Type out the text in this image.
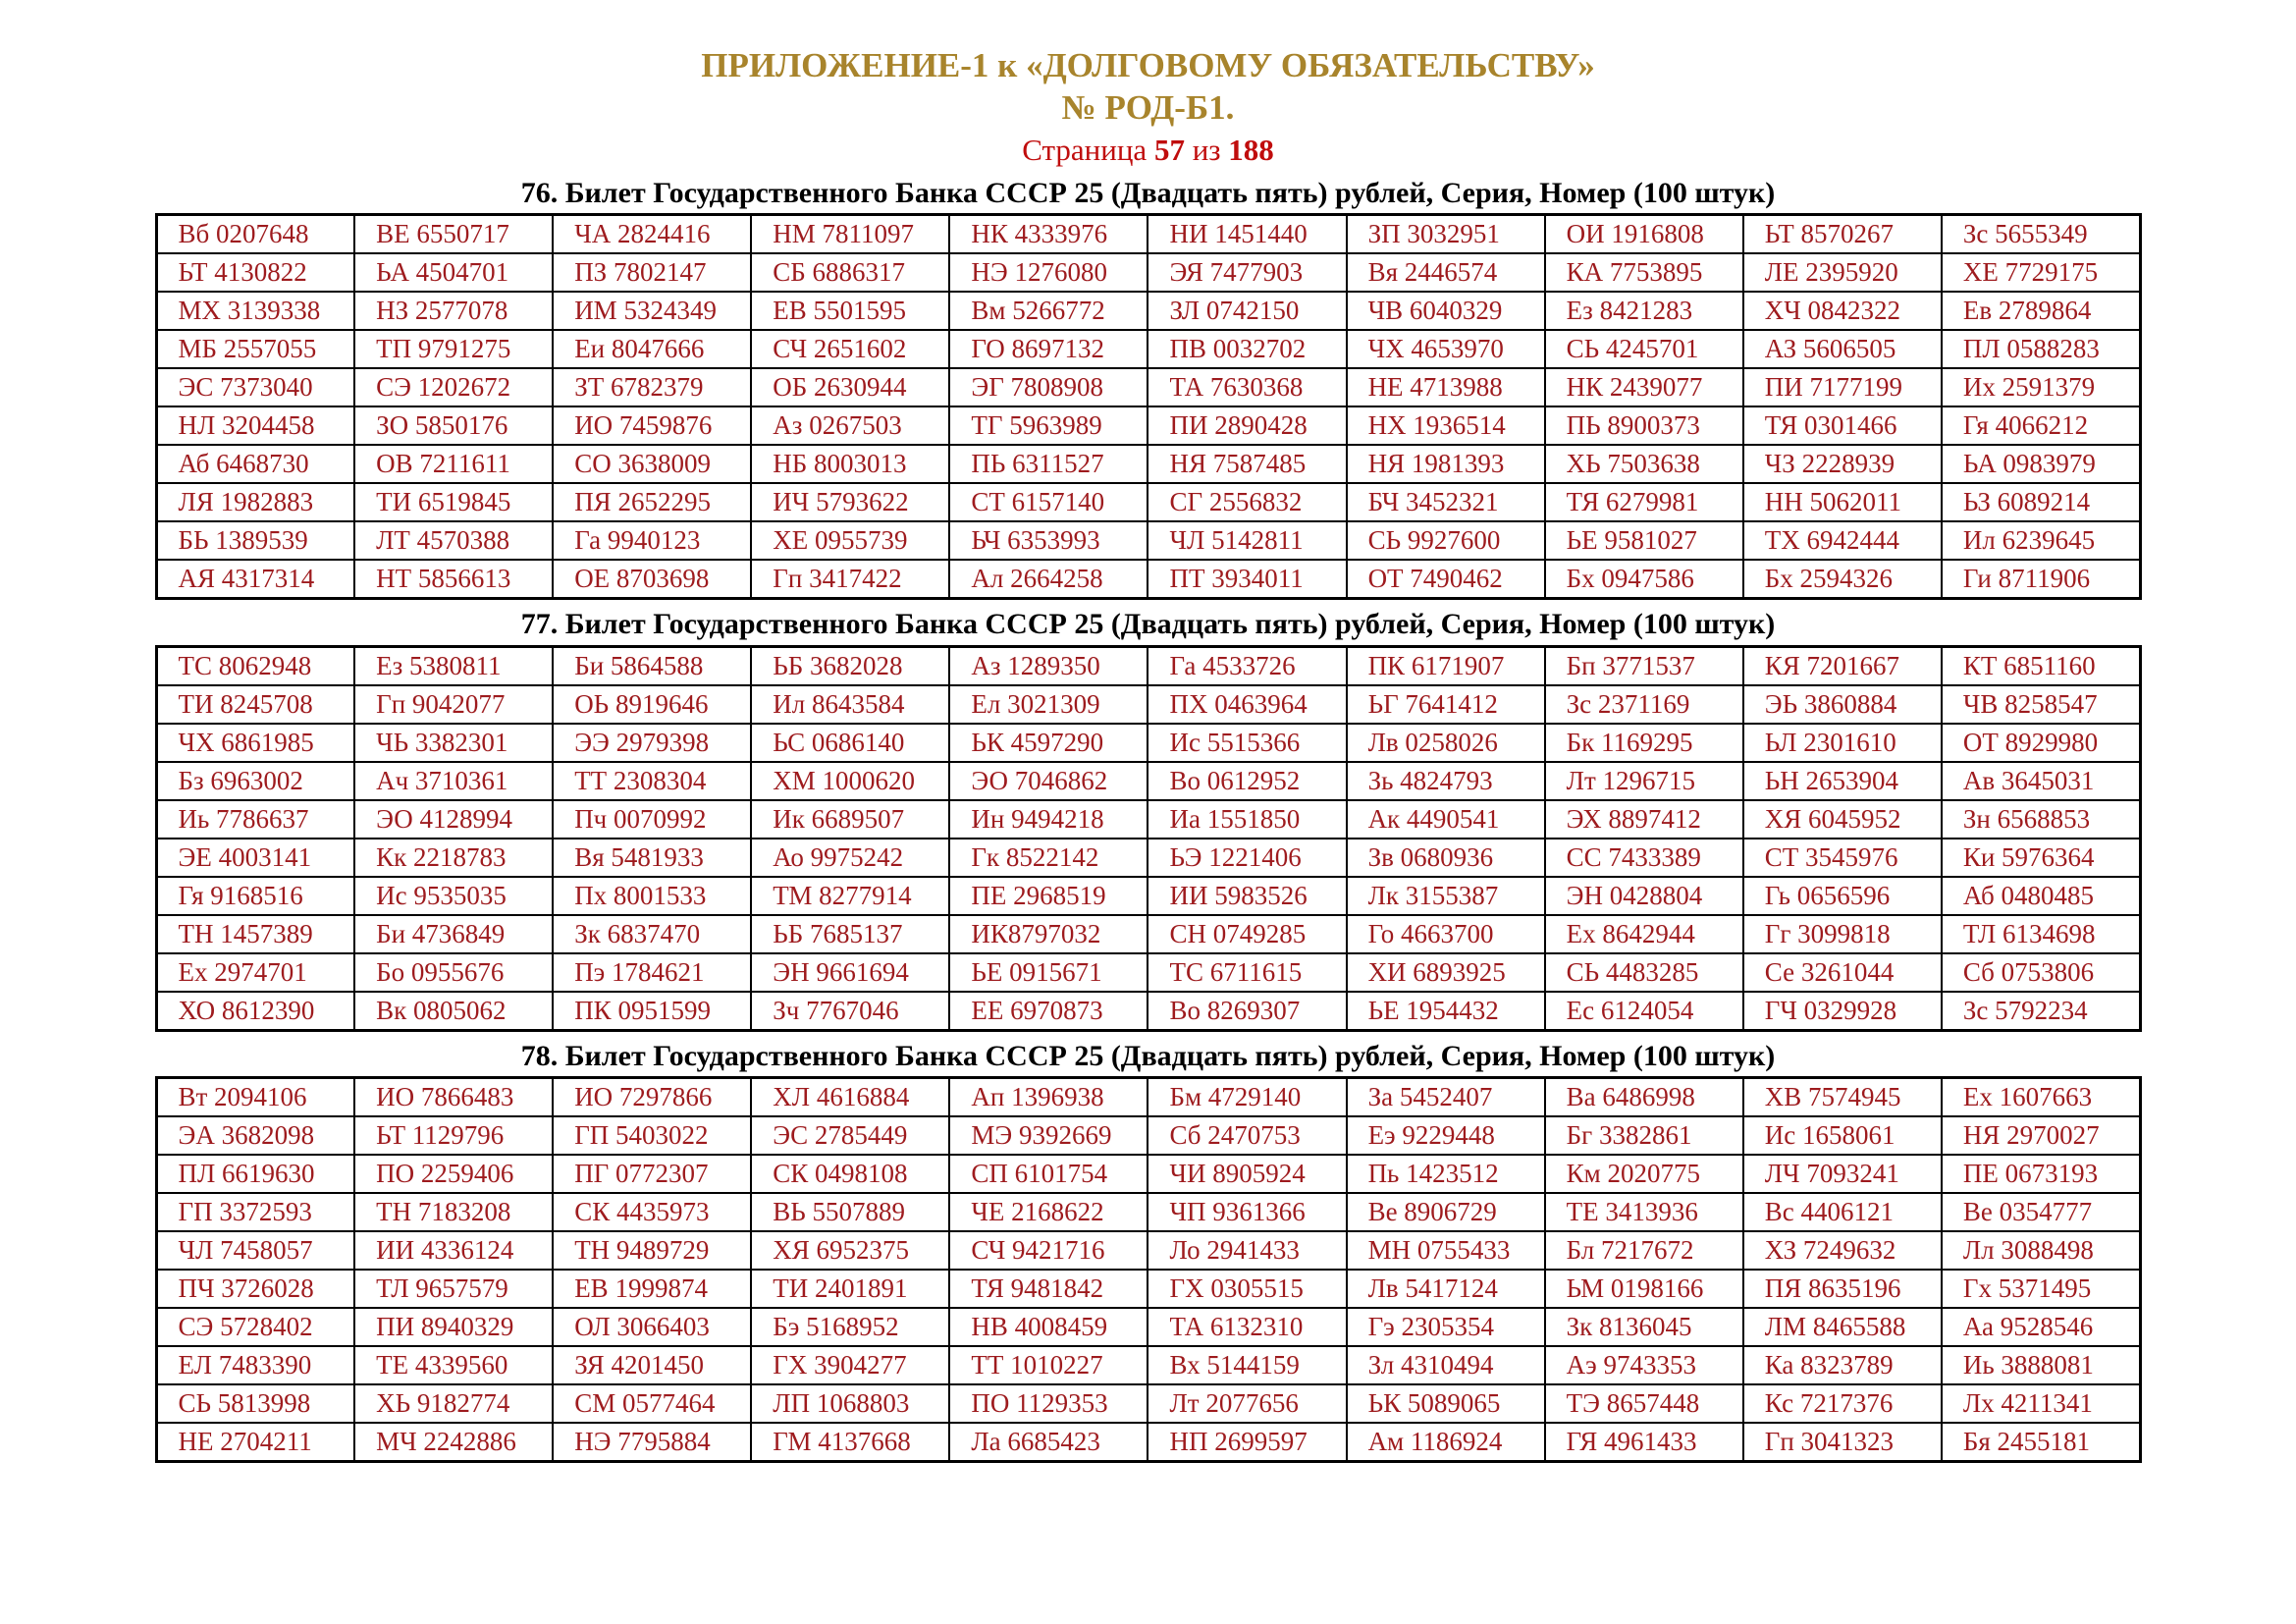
ПРИЛОЖЕНИЕ-1 к «ДОЛГОВОМУ ОБЯЗАТЕЛЬСТВУ»
№ РОД-Б1.
Страница 57 из 188
76. Билет Государственного Банка СССР 25 (Двадцать пять) рублей, Серия, Номер (100 штук)
Вб 0207648	ВЕ 6550717	ЧА 2824416	НМ 7811097	НК 4333976	НИ 1451440	ЗП 3032951	ОИ 1916808	ЬТ 8570267	Зс 5655349
ЬТ 4130822	ЬА 4504701	ПЗ 7802147	СБ 6886317	НЭ 1276080	ЭЯ 7477903	Вя 2446574	КА 7753895	ЛЕ 2395920	ХЕ 7729175
МХ 3139338	НЗ 2577078	ИМ 5324349	ЕВ 5501595	Вм 5266772	ЗЛ 0742150	ЧВ 6040329	Ез 8421283	ХЧ 0842322	Ев 2789864
МБ 2557055	ТП 9791275	Еи 8047666	СЧ 2651602	ГО 8697132	ПВ 0032702	ЧХ 4653970	СЬ 4245701	АЗ 5606505	ПЛ 0588283
ЭС 7373040	СЭ 1202672	ЗТ 6782379	ОБ 2630944	ЭГ 7808908	ТА 7630368	НЕ 4713988	НК 2439077	ПИ 7177199	Их 2591379
НЛ 3204458	ЗО 5850176	ИО 7459876	Аз 0267503	ТГ 5963989	ПИ 2890428	НХ 1936514	ПЬ 8900373	ТЯ 0301466	Гя 4066212
Аб 6468730	ОВ 7211611	СО 3638009	НБ 8003013	ПЬ 6311527	НЯ 7587485	НЯ 1981393	ХЬ 7503638	ЧЗ 2228939	ЬА 0983979
ЛЯ 1982883	ТИ 6519845	ПЯ 2652295	ИЧ 5793622	СТ 6157140	СГ 2556832	БЧ 3452321	ТЯ 6279981	НН 5062011	ЬЗ 6089214
БЬ 1389539	ЛТ 4570388	Га 9940123	ХЕ 0955739	ЬЧ 6353993	ЧЛ 5142811	СЬ 9927600	ЬЕ 9581027	ТХ 6942444	Ил 6239645
АЯ 4317314	НТ 5856613	ОЕ 8703698	Гп 3417422	Ал 2664258	ПТ 3934011	ОТ 7490462	Бх 0947586	Бх 2594326	Ги 8711906
77. Билет Государственного Банка СССР 25 (Двадцать пять) рублей, Серия, Номер (100 штук)
ТС 8062948	Ез 5380811	Би 5864588	ЬБ 3682028	Аз 1289350	Га 4533726	ПК 6171907	Бп 3771537	КЯ 7201667	КТ 6851160
ТИ 8245708	Гп 9042077	ОЬ 8919646	Ил 8643584	Ел 3021309	ПХ 0463964	ЬГ 7641412	Зс 2371169	ЭЬ 3860884	ЧВ 8258547
ЧХ 6861985	ЧЬ 3382301	ЭЭ 2979398	ЬС 0686140	ЬК 4597290	Ис 5515366	Лв 0258026	Бк 1169295	ЬЛ 2301610	ОТ 8929980
Бз 6963002	Ач 3710361	ТТ 2308304	ХМ 1000620	ЭО 7046862	Во 0612952	Зь 4824793	Лт 1296715	ЬН 2653904	Ав 3645031
Иь 7786637	ЭО 4128994	Пч 0070992	Ик 6689507	Ин 9494218	Иа 1551850	Ак 4490541	ЭХ 8897412	ХЯ 6045952	Зн 6568853
ЭЕ 4003141	Кк 2218783	Вя 5481933	Ао 9975242	Гк 8522142	ЬЭ 1221406	Зв 0680936	СС 7433389	СТ 3545976	Ки 5976364
Гя 9168516	Ис 9535035	Пх 8001533	ТМ 8277914	ПЕ 2968519	ИИ 5983526	Лк 3155387	ЭН 0428804	Гь 0656596	Аб 0480485
ТН 1457389	Би 4736849	Зк 6837470	ЬБ 7685137	ИК8797032	СН 0749285	Го 4663700	Ех 8642944	Гг 3099818	ТЛ 6134698
Ех 2974701	Бо 0955676	Пэ 1784621	ЭН 9661694	ЬЕ 0915671	ТС 6711615	ХИ 6893925	СЬ 4483285	Се 3261044	Сб 0753806
ХО 8612390	Вк 0805062	ПК 0951599	Зч 7767046	ЕЕ 6970873	Во 8269307	ЬЕ 1954432	Ес 6124054	ГЧ 0329928	Зс 5792234
78. Билет Государственного Банка СССР 25 (Двадцать пять) рублей, Серия, Номер (100 штук)
Вт 2094106	ИО 7866483	ИО 7297866	ХЛ 4616884	Ап 1396938	Бм 4729140	За 5452407	Ва 6486998	ХВ 7574945	Ех 1607663
ЭА 3682098	ЬТ 1129796	ГП 5403022	ЭС 2785449	МЭ 9392669	Сб 2470753	Еэ 9229448	Бг 3382861	Ис 1658061	НЯ 2970027
ПЛ 6619630	ПО 2259406	ПГ 0772307	СК 0498108	СП 6101754	ЧИ 8905924	Пь 1423512	Км 2020775	ЛЧ 7093241	ПЕ 0673193
ГП 3372593	ТН 7183208	СК 4435973	ВЬ 5507889	ЧЕ 2168622	ЧП 9361366	Ве 8906729	ТЕ 3413936	Вс 4406121	Ве 0354777
ЧЛ 7458057	ИИ 4336124	ТН 9489729	ХЯ 6952375	СЧ 9421716	Ло 2941433	МН 0755433	Бл 7217672	ХЗ 7249632	Лл 3088498
ПЧ 3726028	ТЛ 9657579	ЕВ 1999874	ТИ 2401891	ТЯ 9481842	ГХ 0305515	Лв 5417124	ЬМ 0198166	ПЯ 8635196	Гх 5371495
СЭ 5728402	ПИ 8940329	ОЛ 3066403	Бэ 5168952	НВ 4008459	ТА 6132310	Гэ 2305354	Зк 8136045	ЛМ 8465588	Аа 9528546
ЕЛ 7483390	ТЕ 4339560	ЗЯ 4201450	ГХ 3904277	ТТ 1010227	Вх 5144159	Зл 4310494	Аэ 9743353	Ка 8323789	Иь 3888081
СЬ 5813998	ХЬ 9182774	СМ 0577464	ЛП 1068803	ПО 1129353	Лт 2077656	ЬК 5089065	ТЭ 8657448	Кс 7217376	Лх 4211341
НЕ 2704211	МЧ 2242886	НЭ 7795884	ГМ 4137668	Ла 6685423	НП 2699597	Ам 1186924	ГЯ 4961433	Гп 3041323	Бя 2455181
